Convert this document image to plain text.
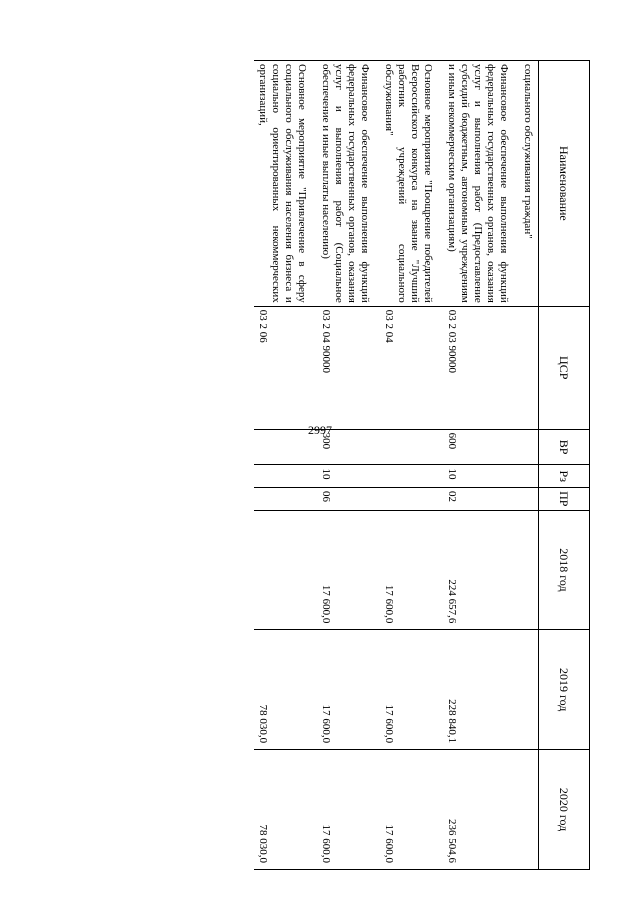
2997
Наименование	ЦСР	ВР	Рз	ПР	2018 год	2019 год	2020 год
социального обслуживания граждан"							

Финансовое обеспечение выполнения функций федеральных государственных органов, оказания услуг и выполнения работ (Предоставление субсидий бюджетным, автономным учреждениям и иным некоммерческим организациям)	03 2 03 90000	600	10	02	224 657,6	228 840,1	236 504,6

Основное мероприятие "Поощрение победителей Всероссийского конкурса на звание "Лучший работник учреждений социального обслуживания"	03 2 04				17 600,0	17 600,0	17 600,0

Финансовое обеспечение выполнения функций федеральных государственных органов, оказания услуг и выполнения работ (Социальное обеспечение и иные выплаты населению)	03 2 04 90000	300	10	06	17 600,0	17 600,0	17 600,0

Основное мероприятие "Привлечение в сферу социального обслуживания населения бизнеса и социально ориентированных некоммерческих организаций,	03 2 06					78 030,0	78 030,0
